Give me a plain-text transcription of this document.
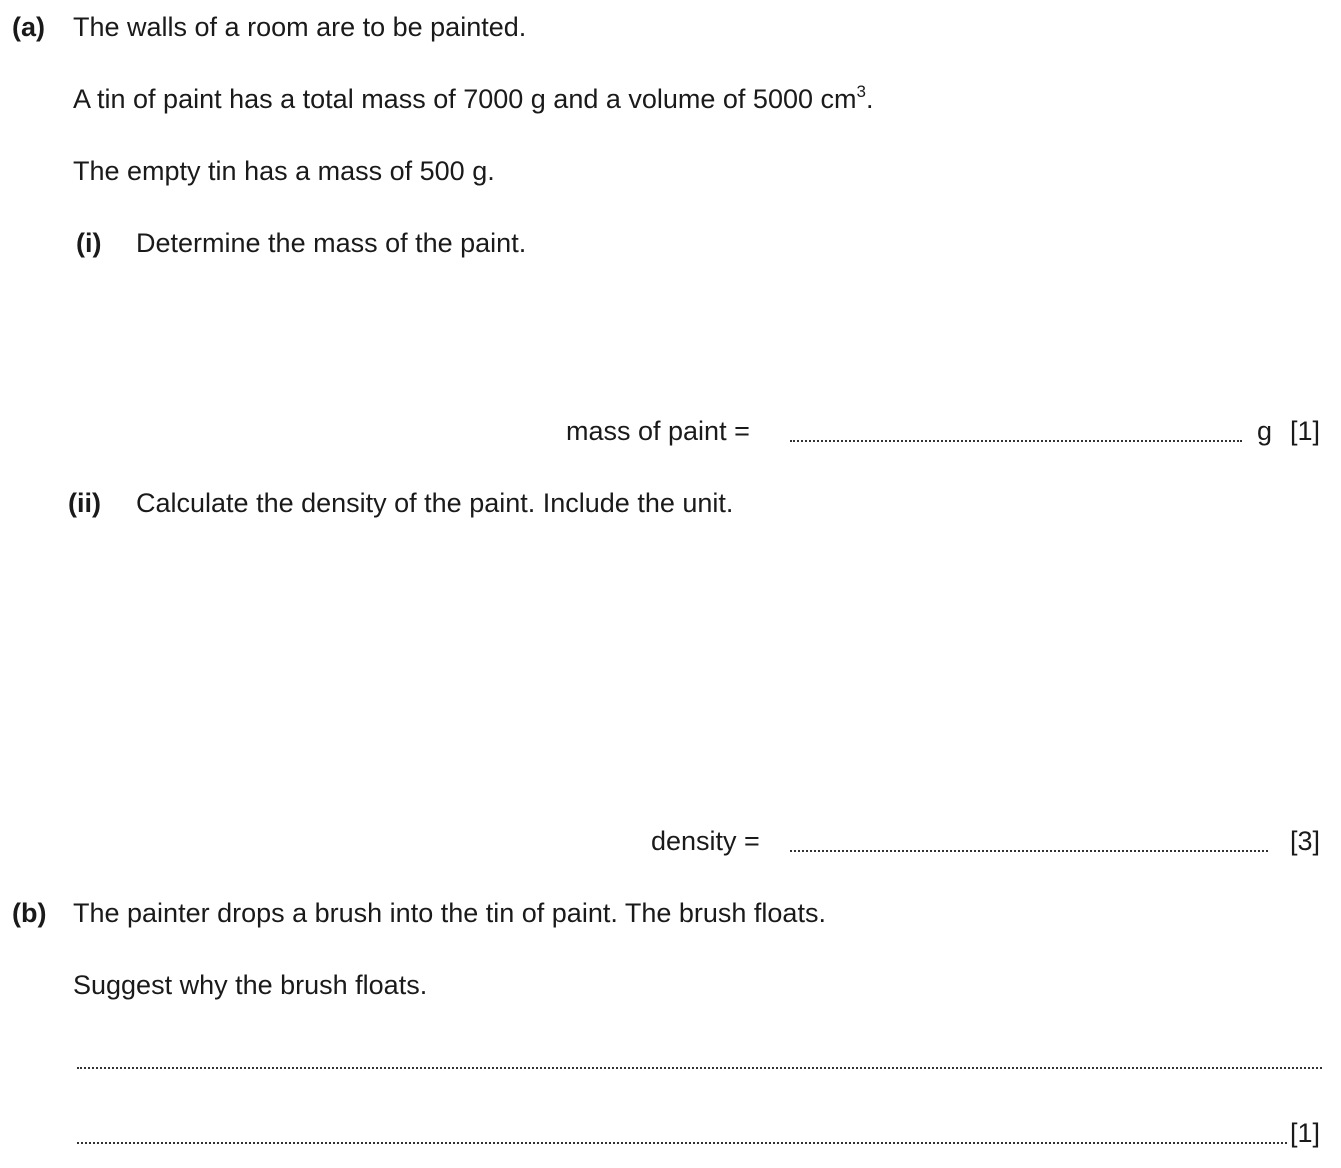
(a) The walls of a room are to be painted.
A tin of paint has a total mass of 7000 g and a volume of 5000 $cm^3$.
The empty tin has a mass of 500 g.
(i) Determine the mass of the paint.
mass of paint =	g [1]
(ii) Calculate the density of the paint. Include the unit.
density =	[3]
(b) The painter drops a brush into the tin of paint. The brush floats.
Suggest why the brush floats.
[1]
